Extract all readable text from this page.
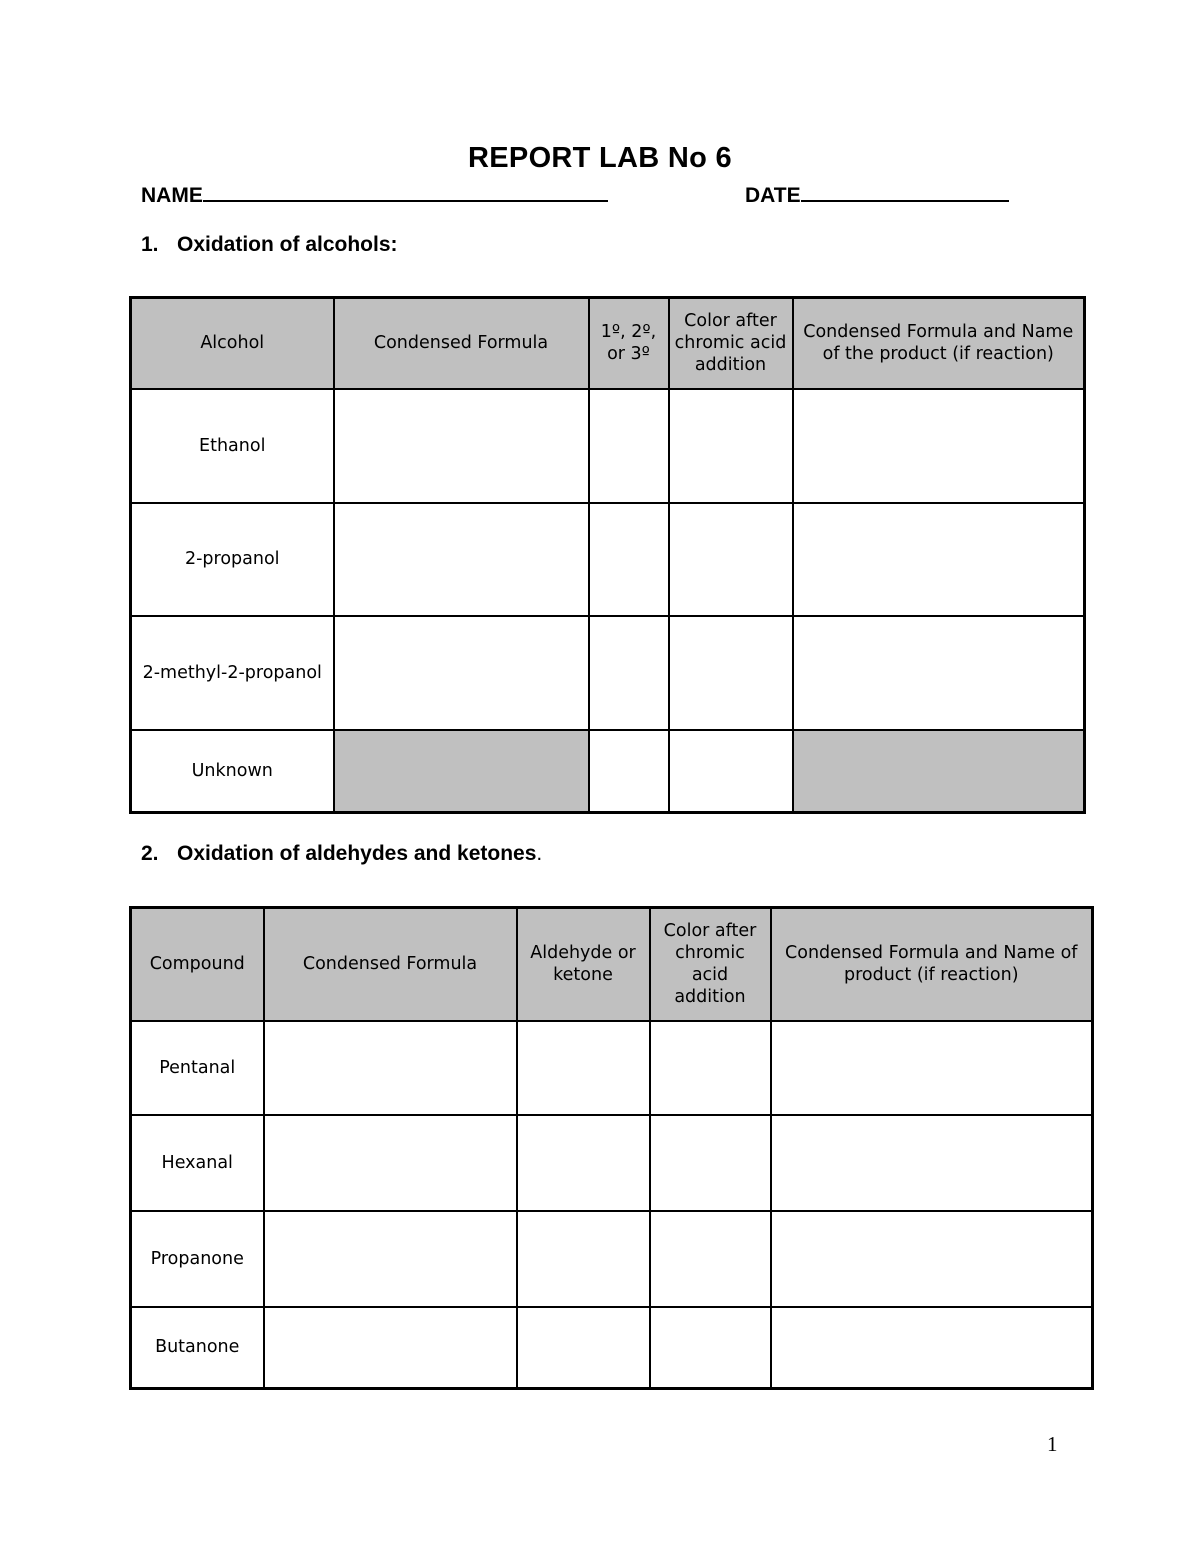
REPORT LAB No 6
NAME	DATE
1. Oxidation of alcohols:
Alcohol	Condensed Formula	1º, 2º, or 3º	Color after chromic acid addition	Condensed Formula and Name of the product (if reaction)
Ethanol				
2-propanol				
2-methyl-2-propanol				
Unknown				
2. Oxidation of aldehydes and ketones.
Compound	Condensed Formula	Aldehyde or ketone	Color after chromic acid addition	Condensed Formula and Name of product (if reaction)
Pentanal				
Hexanal				
Propanone				
Butanone				
1
